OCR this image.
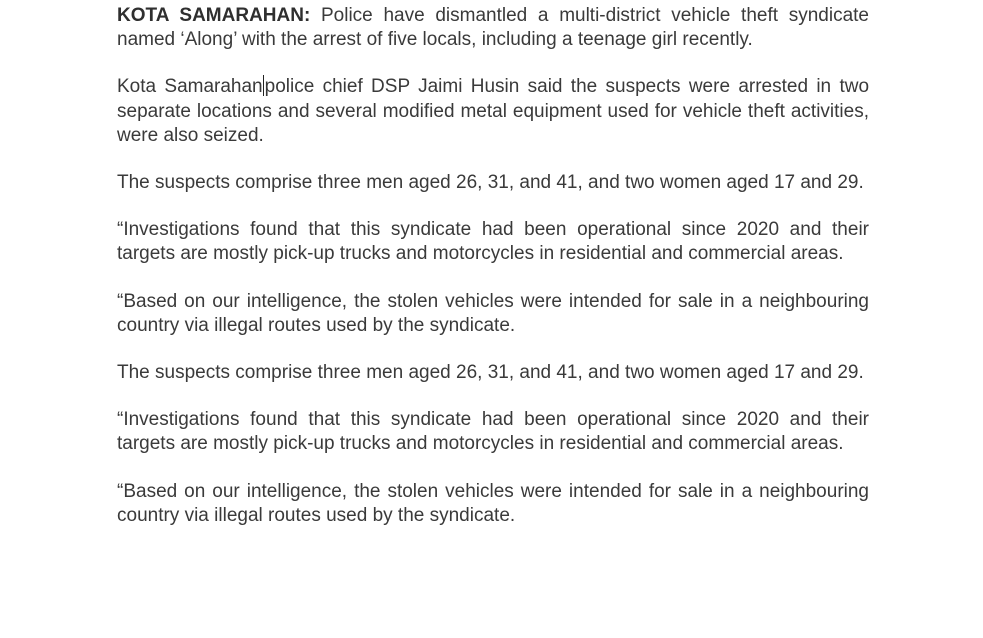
KOTA SAMARAHAN: Police have dismantled a multi-district vehicle theft syndicate named ‘Along’ with the arrest of five locals, including a teenage girl recently.

Kota Samarahan police chief DSP Jaimi Husin said the suspects were arrested in two separate locations and several modified metal equipment used for vehicle theft activities, were also seized.

The suspects comprise three men aged 26, 31, and 41, and two women aged 17 and 29.

“Investigations found that this syndicate had been operational since 2020 and their targets are mostly pick-up trucks and motorcycles in residential and commercial areas.

“Based on our intelligence, the stolen vehicles were intended for sale in a neighbouring country via illegal routes used by the syndicate.

The suspects comprise three men aged 26, 31, and 41, and two women aged 17 and 29.

“Investigations found that this syndicate had been operational since 2020 and their targets are mostly pick-up trucks and motorcycles in residential and commercial areas.

“Based on our intelligence, the stolen vehicles were intended for sale in a neighbouring country via illegal routes used by the syndicate.
